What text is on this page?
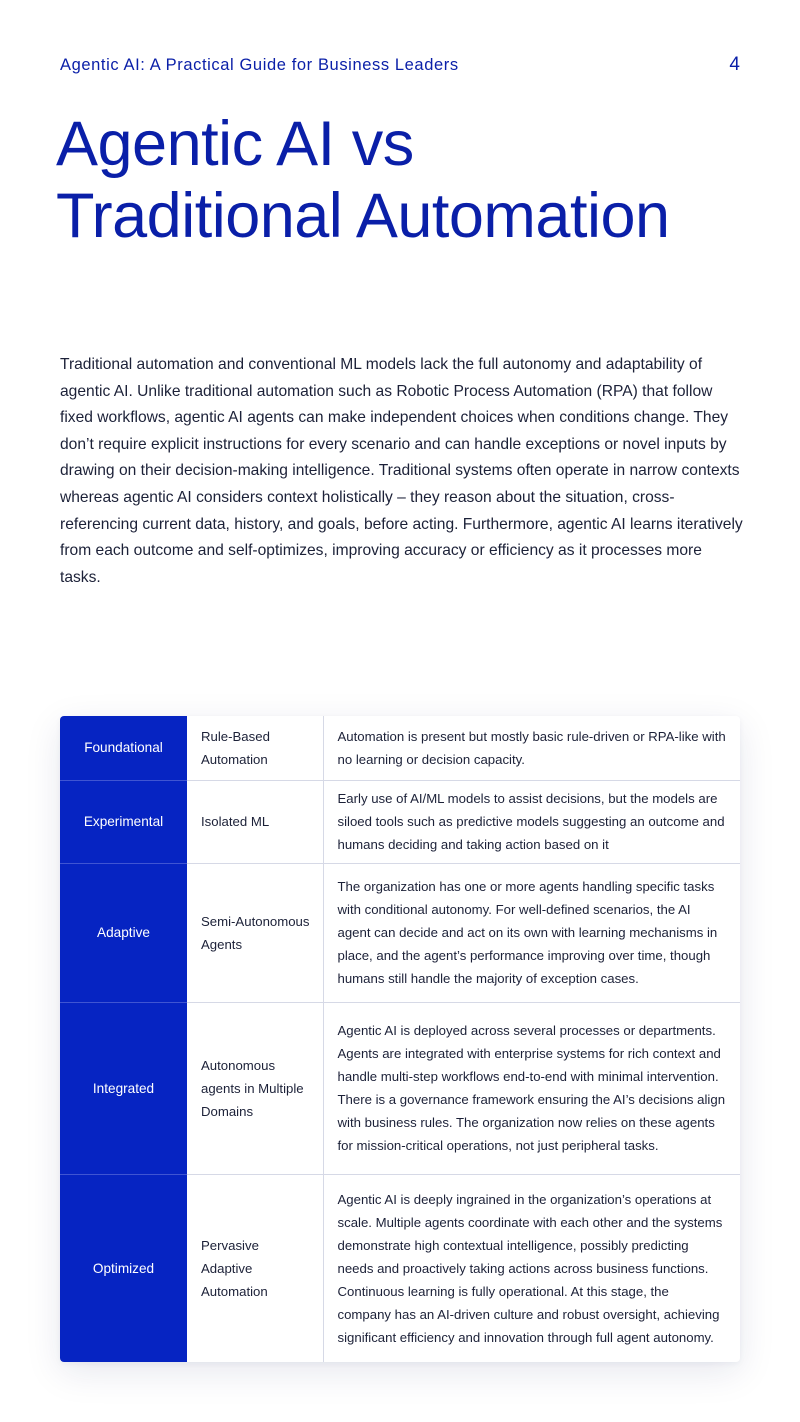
Agentic AI: A Practical Guide for Business Leaders	4
Agentic AI vs
Traditional Automation

Traditional automation and conventional ML models lack the full autonomy and adaptability of agentic AI. Unlike traditional automation such as Robotic Process Automation (RPA) that follow fixed workflows, agentic AI agents can make independent choices when conditions change. They don’t require explicit instructions for every scenario and can handle exceptions or novel inputs by drawing on their decision-making intelligence. Traditional systems often operate in narrow contexts whereas agentic AI considers context holistically – they reason about the situation, cross-referencing current data, history, and goals, before acting. Furthermore, agentic AI learns iteratively from each outcome and self-optimizes, improving accuracy or efficiency as it processes more tasks.

Foundational	Rule-Based Automation	Automation is present but mostly basic rule-driven or RPA-like with no learning or decision capacity.
Experimental	Isolated ML	Early use of AI/ML models to assist decisions, but the models are siloed tools such as predictive models suggesting an outcome and humans deciding and taking action based on it
Adaptive	Semi-Autonomous Agents	The organization has one or more agents handling specific tasks with conditional autonomy. For well-defined scenarios, the AI agent can decide and act on its own with learning mechanisms in place, and the agent’s performance improving over time, though humans still handle the majority of exception cases.
Integrated	Autonomous agents in Multiple Domains	Agentic AI is deployed across several processes or departments. Agents are integrated with enterprise systems for rich context and handle multi-step workflows end-to-end with minimal intervention. There is a governance framework ensuring the AI’s decisions align with business rules. The organization now relies on these agents for mission-critical operations, not just peripheral tasks.
Optimized	Pervasive Adaptive Automation	Agentic AI is deeply ingrained in the organization’s operations at scale. Multiple agents coordinate with each other and the systems demonstrate high contextual intelligence, possibly predicting needs and proactively taking actions across business functions. Continuous learning is fully operational. At this stage, the company has an AI-driven culture and robust oversight, achieving significant efficiency and innovation through full agent autonomy.
